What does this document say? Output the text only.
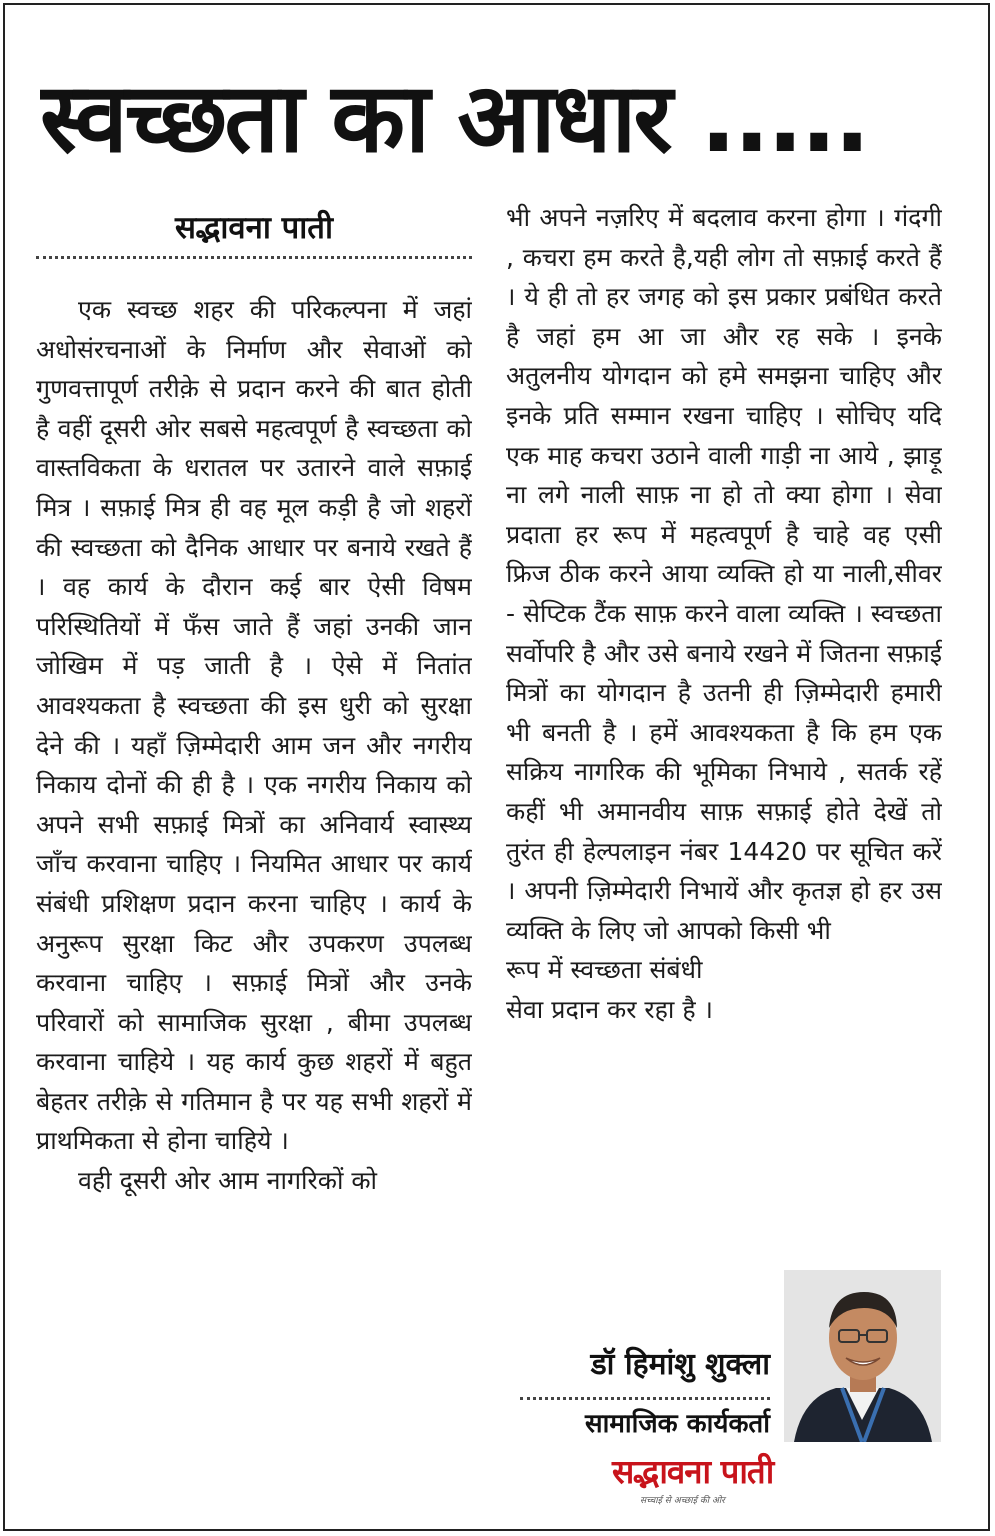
स्वच्छता का आधार .....
सद्भावना पाती

एक स्वच्छ शहर की परिकल्पना में जहां अधोसंरचनाओं के निर्माण और सेवाओं को गुणवत्तापूर्ण तरीक़े से प्रदान करने की बात होती है वहीं दूसरी ओर सबसे महत्वपूर्ण है स्वच्छता को वास्तविकता के धरातल पर उतारने वाले सफ़ाई मित्र । सफ़ाई मित्र ही वह मूल कड़ी है जो शहरों की स्वच्छता को दैनिक आधार पर बनाये रखते हैं । वह कार्य के दौरान कई बार ऐसी विषम परिस्थितियों में फँस जाते हैं जहां उनकी जान जोखिम में पड़ जाती है । ऐसे में नितांत आवश्यकता है स्वच्छता की इस धुरी को सुरक्षा देने की । यहाँ ज़िम्मेदारी आम जन और नगरीय निकाय दोनों की ही है । एक नगरीय निकाय को अपने सभी सफ़ाई मित्रों का अनिवार्य स्वास्थ्य जाँच करवाना चाहिए । नियमित आधार पर कार्य संबंधी प्रशिक्षण प्रदान करना चाहिए । कार्य के अनुरूप सुरक्षा किट और उपकरण उपलब्ध करवाना चाहिए । सफ़ाई मित्रों और उनके परिवारों को सामाजिक सुरक्षा , बीमा उपलब्ध करवाना चाहिये । यह कार्य कुछ शहरों में बहुत बेहतर तरीक़े से गतिमान है पर यह सभी शहरों में प्राथमिकता से होना चाहिये ।

वही दूसरी ओर आम नागरिकों को

भी अपने नज़रिए में बदलाव करना होगा । गंदगी , कचरा हम करते है,यही लोग तो सफ़ाई करते हैं । ये ही तो हर जगह को इस प्रकार प्रबंधित करते है जहां हम आ जा और रह सके । इनके अतुलनीय योगदान को हमे समझना चाहिए और इनके प्रति सम्मान रखना चाहिए । सोचिए यदि एक माह कचरा उठाने वाली गाड़ी ना आये , झाड़ू ना लगे नाली साफ़ ना हो तो क्या होगा । सेवा प्रदाता हर रूप में महत्वपूर्ण है चाहे वह एसी फ्रिज ठीक करने आया व्यक्ति हो या नाली,सीवर - सेप्टिक टैंक साफ़ करने वाला व्यक्ति । स्वच्छता सर्वोपरि है और उसे बनाये रखने में जितना सफ़ाई मित्रों का योगदान है उतनी ही ज़िम्मेदारी हमारी भी बनती है । हमें आवश्यकता है कि हम एक सक्रिय नागरिक की भूमिका निभाये , सतर्क रहें कहीं भी अमानवीय साफ़ सफ़ाई होते देखें तो तुरंत ही हेल्पलाइन नंबर 14420 पर सूचित करें । अपनी ज़िम्मेदारी निभायें और कृतज्ञ हो हर उस व्यक्ति के लिए जो आपको किसी भी

रूप में स्वच्छता संबंधी

सेवा प्रदान कर रहा है ।

डॉ हिमांशु शुक्ला
सामाजिक कार्यकर्ता
सद्भावना पाती
सच्चाई से अच्छाई की ओर
